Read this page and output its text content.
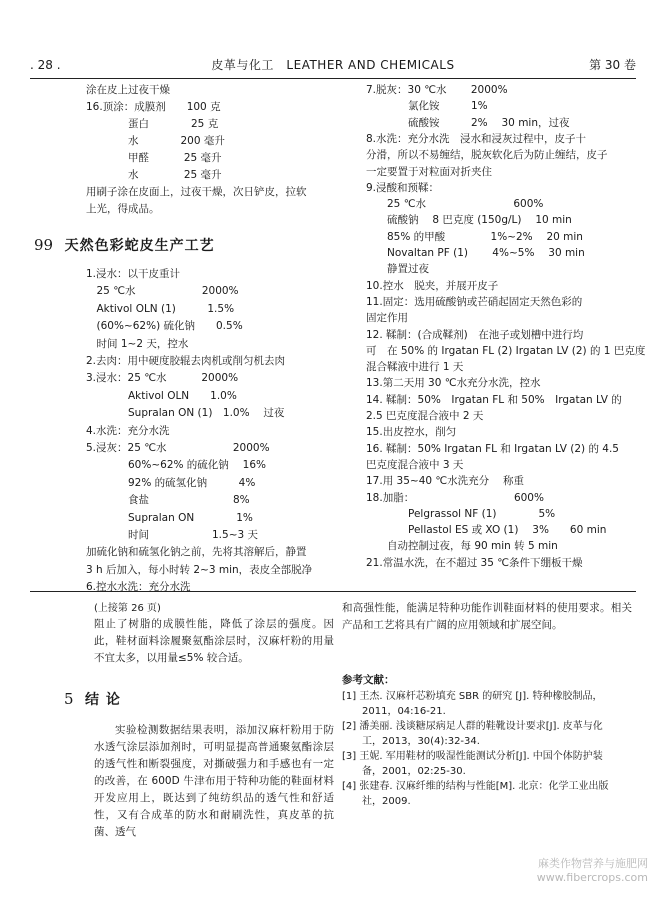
. 28 .	皮革与化工　LEATHER AND CHEMICALS	第 30 卷
涂在皮上过夜干燥
16.顶涂：成膜剂　　100 克
　　　　蛋白　　　　25 克
　　　　水　　　　200 毫升
　　　　甲醛　　　 25 毫升
　　　　水　　　　 25 毫升
用刷子涂在皮面上，过夜干燥，次日铲皮，拉软
上光，得成品。
99 天然色彩蛇皮生产工艺
1.浸水：以干皮重计
　25 ℃水　　　　　　 2000%
　Aktivol OLN (1)　　　1.5%
　(60%~62%) 硫化钠　　0.5%
　时间 1~2 天，控水
2.去肉：用中硬度胶辊去肉机或削匀机去肉
3.浸水：25 ℃水　　　 2000%
　　　　Aktivol OLN　　1.0%
　　　　Supralan ON (1)　1.0%　 过夜
4.水洗：充分水洗
5.浸灰：25 ℃水　　　　　　 2000%
　　　　60%~62% 的硫化钠　 16%
　　　　92% 的硫氢化钠　　　4%
　　　　食盐　　　　　　　　8%
　　　　Supralan ON　　　　1%
　　　　时间　　　　　　1.5~3 天
加硫化钠和硫氢化钠之前，先将其溶解后，静置
3 h 后加入，每小时转 2~3 min，表皮全部脱净
6.控水水洗：充分水洗
7.脱灰：30 ℃水　　 2000%
　　　　氯化铵　　　1%
　　　　硫酸铵　　　2%　 30 min，过夜
8.水洗：充分水洗　浸水和浸灰过程中，皮子十
分滑，所以不易缠结，脱灰软化后为防止缠结，皮子
一定要置于对粒面对折夹住
9.浸酸和预鞣：
　　25 ℃水　　　　　　　　 600%
　　硫酸钠　 8 巴克度 (150g/L)　 10 min
　　85% 的甲酸　　　　 1%~2%　 20 min
　　Novaltan PF (1)　　 4%~5%　 30 min
　　静置过夜
10.控水　脱夹，并展开皮子
11.固定：选用硫酸钠或芒硝起固定天然色彩的
固定作用
12. 鞣制：(合成鞣剂)　在池子或划槽中进行均
可　在 50% 的 Irgatan FL (2) Irgatan LV (2) 的 1 巴克度
混合鞣液中进行 1 天
13.第二天用 30 ℃水充分水洗，控水
14. 鞣制：50%　Irgatan FL 和 50%　Irgatan LV 的
2.5 巴克度混合液中 2 天
15.出皮控水，削匀
16. 鞣制：50% Irgatan FL 和 Irgatan LV (2) 的 4.5
巴克度混合液中 3 天
17.用 35~40 ℃水洗充分　 称重
18.加脂：　　　　　　　　　　600%
　　　　Pelgrassol NF (1)　　　　5%
　　　　Pellastol ES 或 XO (1)　 3%　　60 min
　　自动控制过夜，每 90 min 转 5 min
21.常温水洗，在不超过 35 ℃条件下绷板干燥
(上接第 26 页)
阻止了树脂的成膜性能，降低了涂层的强度。因此，鞋材面料涂履聚氨酯涂层时，汉麻杆粉的用量不宜太多，以用量≤5% 较合适。
5 结 论
实验检测数据结果表明，添加汉麻杆粉用于防水透气涂层添加剂时，可明显提高普通聚氨酯涂层的透气性和断裂强度，对撕破强力和手感也有一定的改善，在 600D 牛津布用于特种功能的鞋面材料开发应用上，既达到了纯纺织品的透气性和舒适性，又有合成革的防水和耐刷洗性，真皮革的抗菌、透气
和高强性能，能满足特种功能作训鞋面材料的使用要求。相关产品和工艺将具有广阔的应用领域和扩展空间。
参考文献：
[1] 王杰. 汉麻杆芯粉填充 SBR 的研究 [J]. 特种橡胶制品，
　　2011，04:16-21.
[2] 潘美丽. 浅谈糖尿病足人群的鞋靴设计要求[J]. 皮革与化
　　工，2013，30(4):32-34.
[3] 王妮. 军用鞋材的吸湿性能测试分析[J]. 中国个体防护装
　　备，2001，02:25-30.
[4] 张建春. 汉麻纤维的结构与性能[M]. 北京：化学工业出版
　　社，2009.
麻类作物营养与施肥网
www.fibercrops.com
